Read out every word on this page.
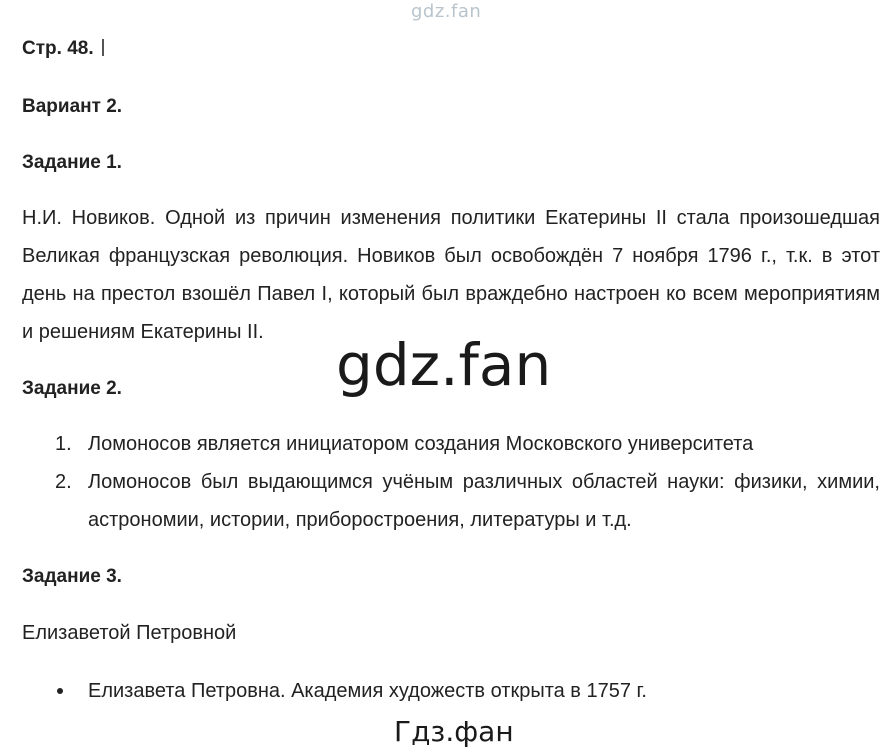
gdz.fan
Стр. 48.
Вариант 2.
Задание 1.
Н.И. Новиков. Одной из причин изменения политики Екатерины II стала произошедшая Великая французская революция. Новиков был освобождён 7 ноября 1796 г., т.к. в этот день на престол взошёл Павел I, который был враждебно настроен ко всем мероприятиям и решениям Екатерины II.	gdz.fan
Задание 2.
1. Ломоносов является инициатором создания Московского университета
2. Ломоносов был выдающимся учёным различных областей науки: физики, химии, астрономии, истории, приборостроения, литературы и т.д.
Задание 3.
Елизаветой Петровной
Елизавета Петровна. Академия художеств открыта в 1757 г.
Гдз.фан
